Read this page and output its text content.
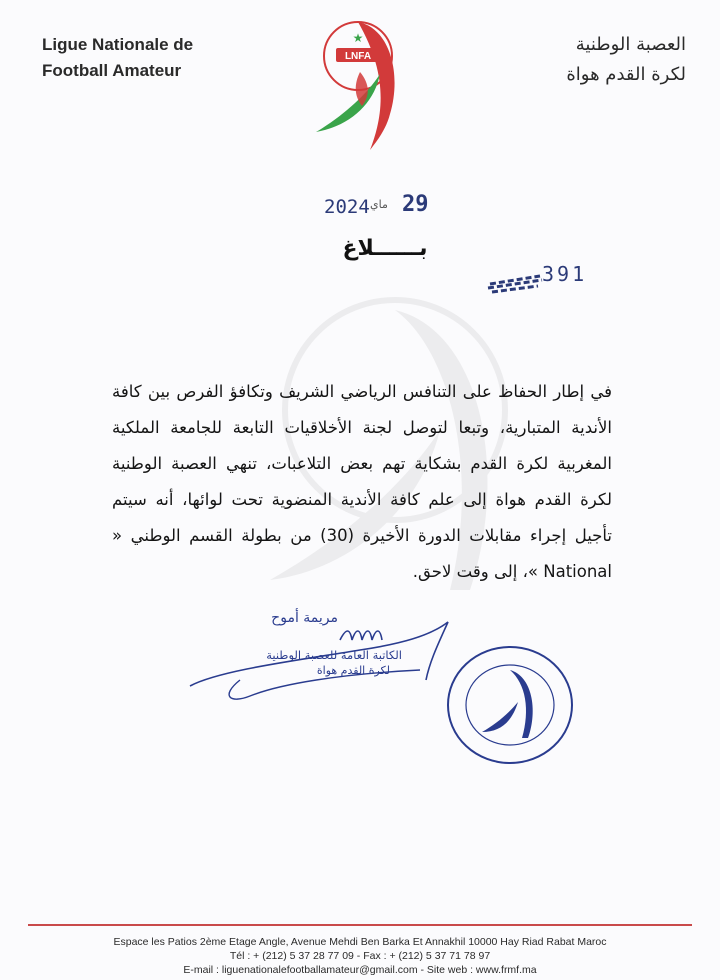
Ligue Nationale de
Football Amateur
العصبة الوطنية
لكرة القدم هواة
★
LNFA
2024 ماي 29
بــــــلاغ
391
في إطار الحفاظ على التنافس الرياضي الشريف وتكافؤ الفرص بين كافة الأندية المتبارية، وتبعا لتوصل لجنة الأخلاقيات التابعة للجامعة الملكية المغربية لكرة القدم بشكاية تهم بعض التلاعبات، تنهي العصبة الوطنية لكرة القدم هواة إلى علم كافة الأندية المنضوية تحت لوائها، أنه سيتم تأجيل إجراء مقابلات الدورة الأخيرة (30) من بطولة القسم الوطني « National »، إلى وقت لاحق.
مريمة أموح
الكاتبة العامة للعصبة الوطنية
لكرة القدم هواة
Espace les Patios 2ème Etage Angle, Avenue Mehdi Ben Barka Et Annakhil 10000 Hay Riad Rabat Maroc
Tél : + (212) 5 37 28 77 09 - Fax : + (212) 5 37 71 78 97
E-mail : liguenationalefootballamateur@gmail.com - Site web : www.frmf.ma
